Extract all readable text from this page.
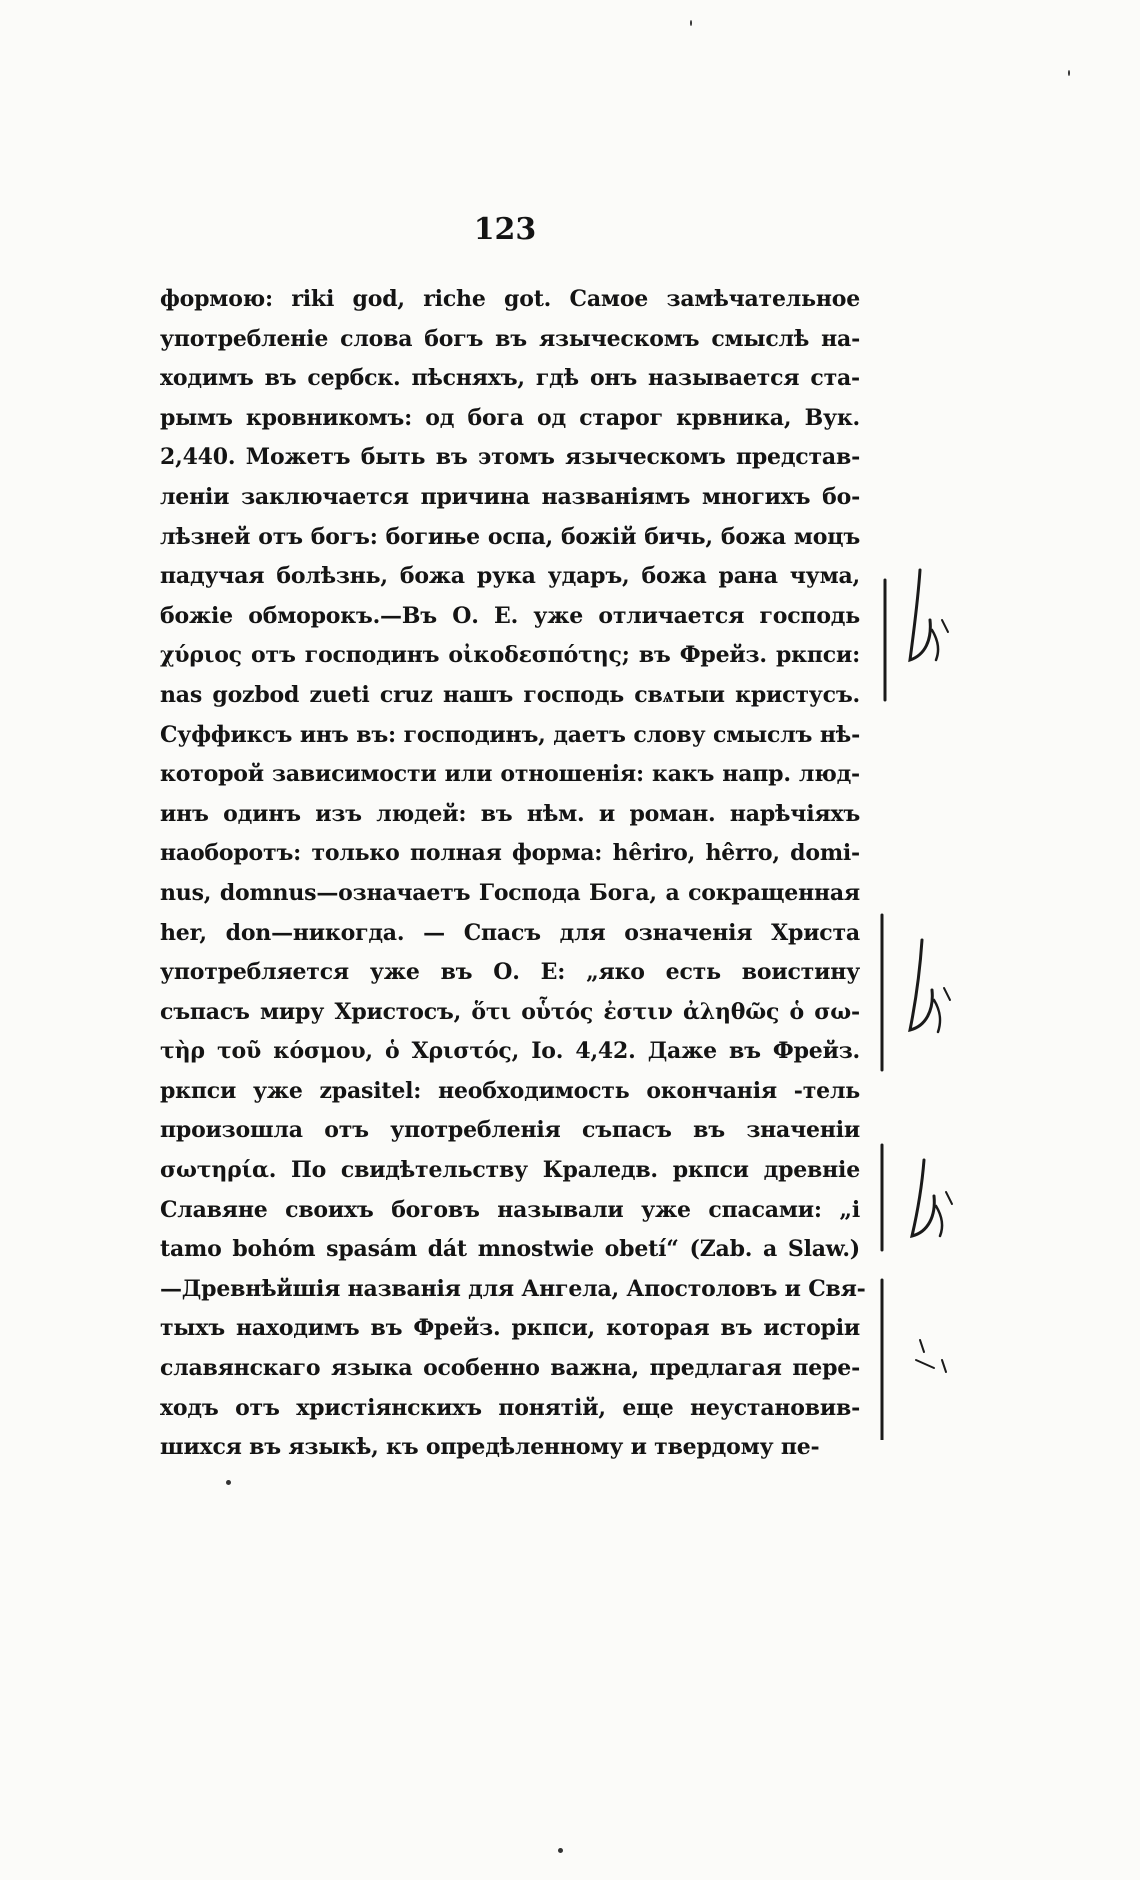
123
формою: riki god, riche got. Самое замѣчательное
употребленіе слова богъ въ языческомъ смыслѣ на-
ходимъ въ сербск. пѣсняхъ, гдѣ онъ называется ста-
рымъ кровникомъ: од бога од старог крвника, Вук.
2,440. Можетъ быть въ этомъ языческомъ представ-
леніи заключается причина названіямъ многихъ бо-
лѣзней отъ богъ: богиње оспа, божій бичь, божа моцъ
падучая болѣзнь, божа рука ударъ, божа рана чума,
божіе обморокъ.—Въ О. Е. уже отличается господь
χύριος отъ господинъ οἰκοδεσπότης; въ Фрейз. ркпси:
nas gozbod zueti cruz нашъ господь свѧтыи кристусъ.
Суффиксъ инъ въ: господинъ, даетъ слову смыслъ нѣ-
которой зависимости или отношенія: какъ напр. люд-
инъ одинъ изъ людей: въ нѣм. и роман. нарѣчіяхъ
наоборотъ: только полная форма: hêriro, hêrro, domi-
nus, domnus—означаетъ Господа Бога, а сокращенная
her, don—никогда. — Спасъ для означенія Христа
употребляется уже въ О. Е: „яко есть воистину
съпасъ миру Христосъ, ὅτι οὗτός ἐστιν ἀληθῶς ὁ σω-
τὴρ τοῦ κόσμου, ὁ Χριστός, Іо. 4,42. Даже въ Фрейз.
ркпси уже zpasitel: необходимость окончанія -тель
произошла отъ употребленія съпасъ въ значеніи
σωτηρία. По свидѣтельству Краледв. ркпси древніе
Славяне своихъ боговъ называли уже спасами: „i
tamo bohóm spasám dát mnostwie obetí“ (Zab. a Slaw.)
—Древнѣйшія названія для Ангела, Апостоловъ и Свя-
тыхъ находимъ въ Фрейз. ркпси, которая въ исторіи
славянскаго языка особенно важна, предлагая пере-
ходъ отъ христіянскихъ понятій, еще неустановив-
шихся въ языкѣ, къ опредѣленному и твердому пе-
